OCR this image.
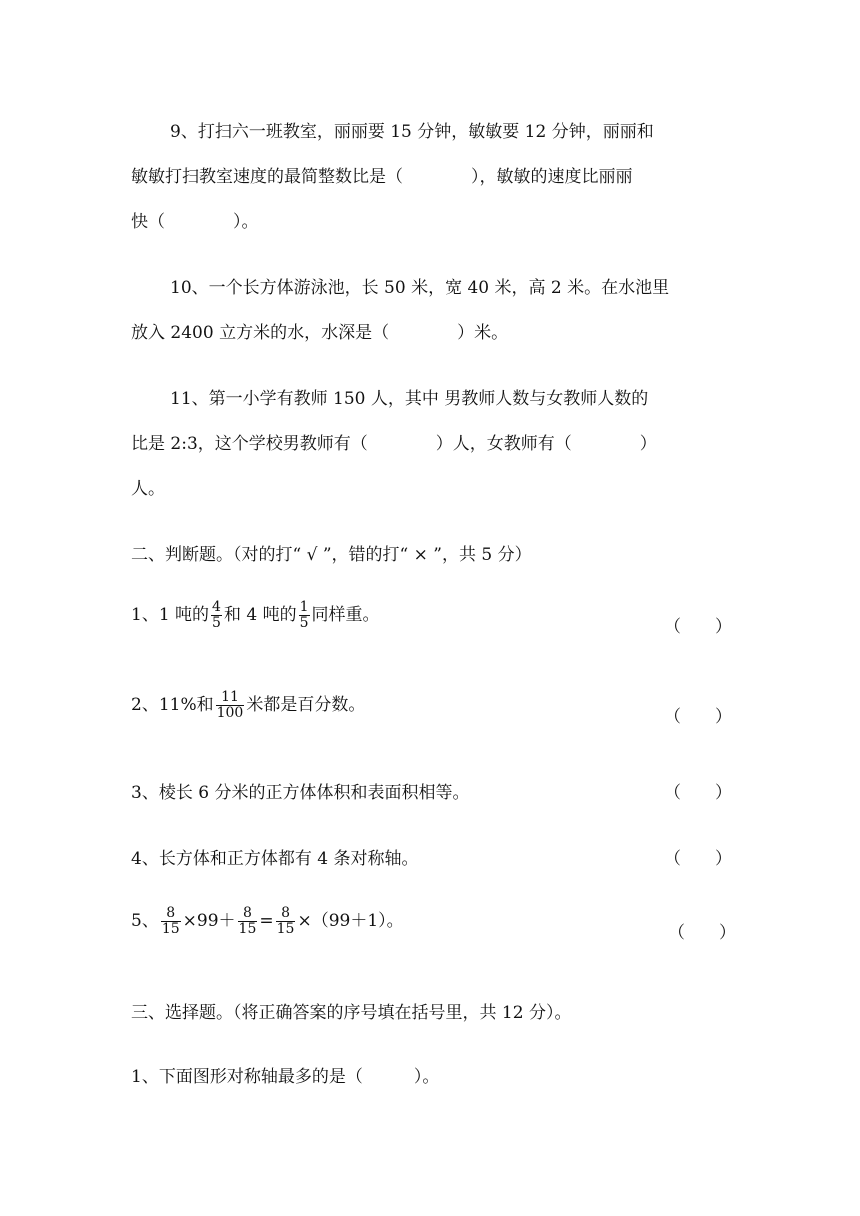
9、打扫六一班教室，丽丽要 15 分钟，敏敏要 12 分钟，丽丽和
敏敏打扫教室速度的最简整数比是（　　　　），敏敏的速度比丽丽
快（　　　　）。
10、一个长方体游泳池，长 50 米，宽 40 米，高 2 米。在水池里
放入 2400 立方米的水，水深是（　　　　）米。
11、第一小学有教师 150 人，其中 男教师人数与女教师人数的
比是 2:3，这个学校男教师有（　　　　）人，女教师有（　　　　）
人。
二、判断题。（对的打“ √ ”，错的打“ × ”，共 5 分）
1、1 吨的 $\frac{4}{5}$ 和 4 吨的 $\frac{1}{5}$ 同样重。
（　　）
2、11%和 $\frac{11}{100}$ 米都是百分数。
（　　）
3、棱长 6 分米的正方体体积和表面积相等。	（　　）
4、长方体和正方体都有 4 条对称轴。	（　　）
5、 $\frac{8}{15} \times 99+ \frac{8}{15} = \frac{8}{15} \times(99+1)$。
（　　）
三、选择题。（将正确答案的序号填在括号里，共 12 分）。
1、下面图形对称轴最多的是（　　　）。
